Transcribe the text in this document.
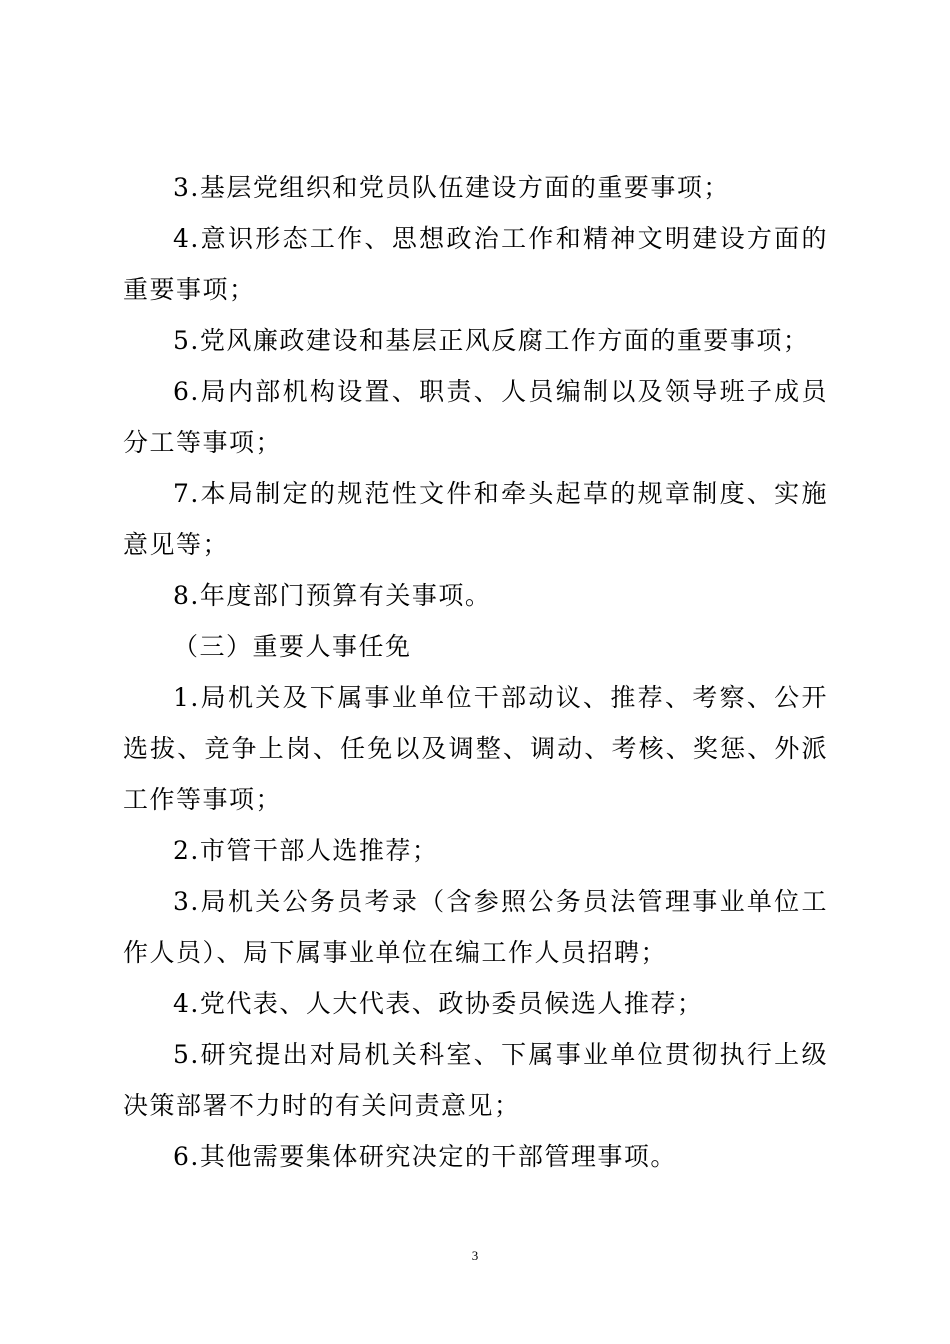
3.基层党组织和党员队伍建设方面的重要事项；

4.意识形态工作、思想政治工作和精神文明建设方面的重要事项；

5.党风廉政建设和基层正风反腐工作方面的重要事项；

6.局内部机构设置、职责、人员编制以及领导班子成员分工等事项；

7.本局制定的规范性文件和牵头起草的规章制度、实施意见等；

8.年度部门预算有关事项。

（三）重要人事任免

1.局机关及下属事业单位干部动议、推荐、考察、公开选拔、竞争上岗、任免以及调整、调动、考核、奖惩、外派工作等事项；

2.市管干部人选推荐；

3.局机关公务员考录（含参照公务员法管理事业单位工作人员）、局下属事业单位在编工作人员招聘；

4.党代表、人大代表、政协委员候选人推荐；

5.研究提出对局机关科室、下属事业单位贯彻执行上级决策部署不力时的有关问责意见；

6.其他需要集体研究决定的干部管理事项。

3
